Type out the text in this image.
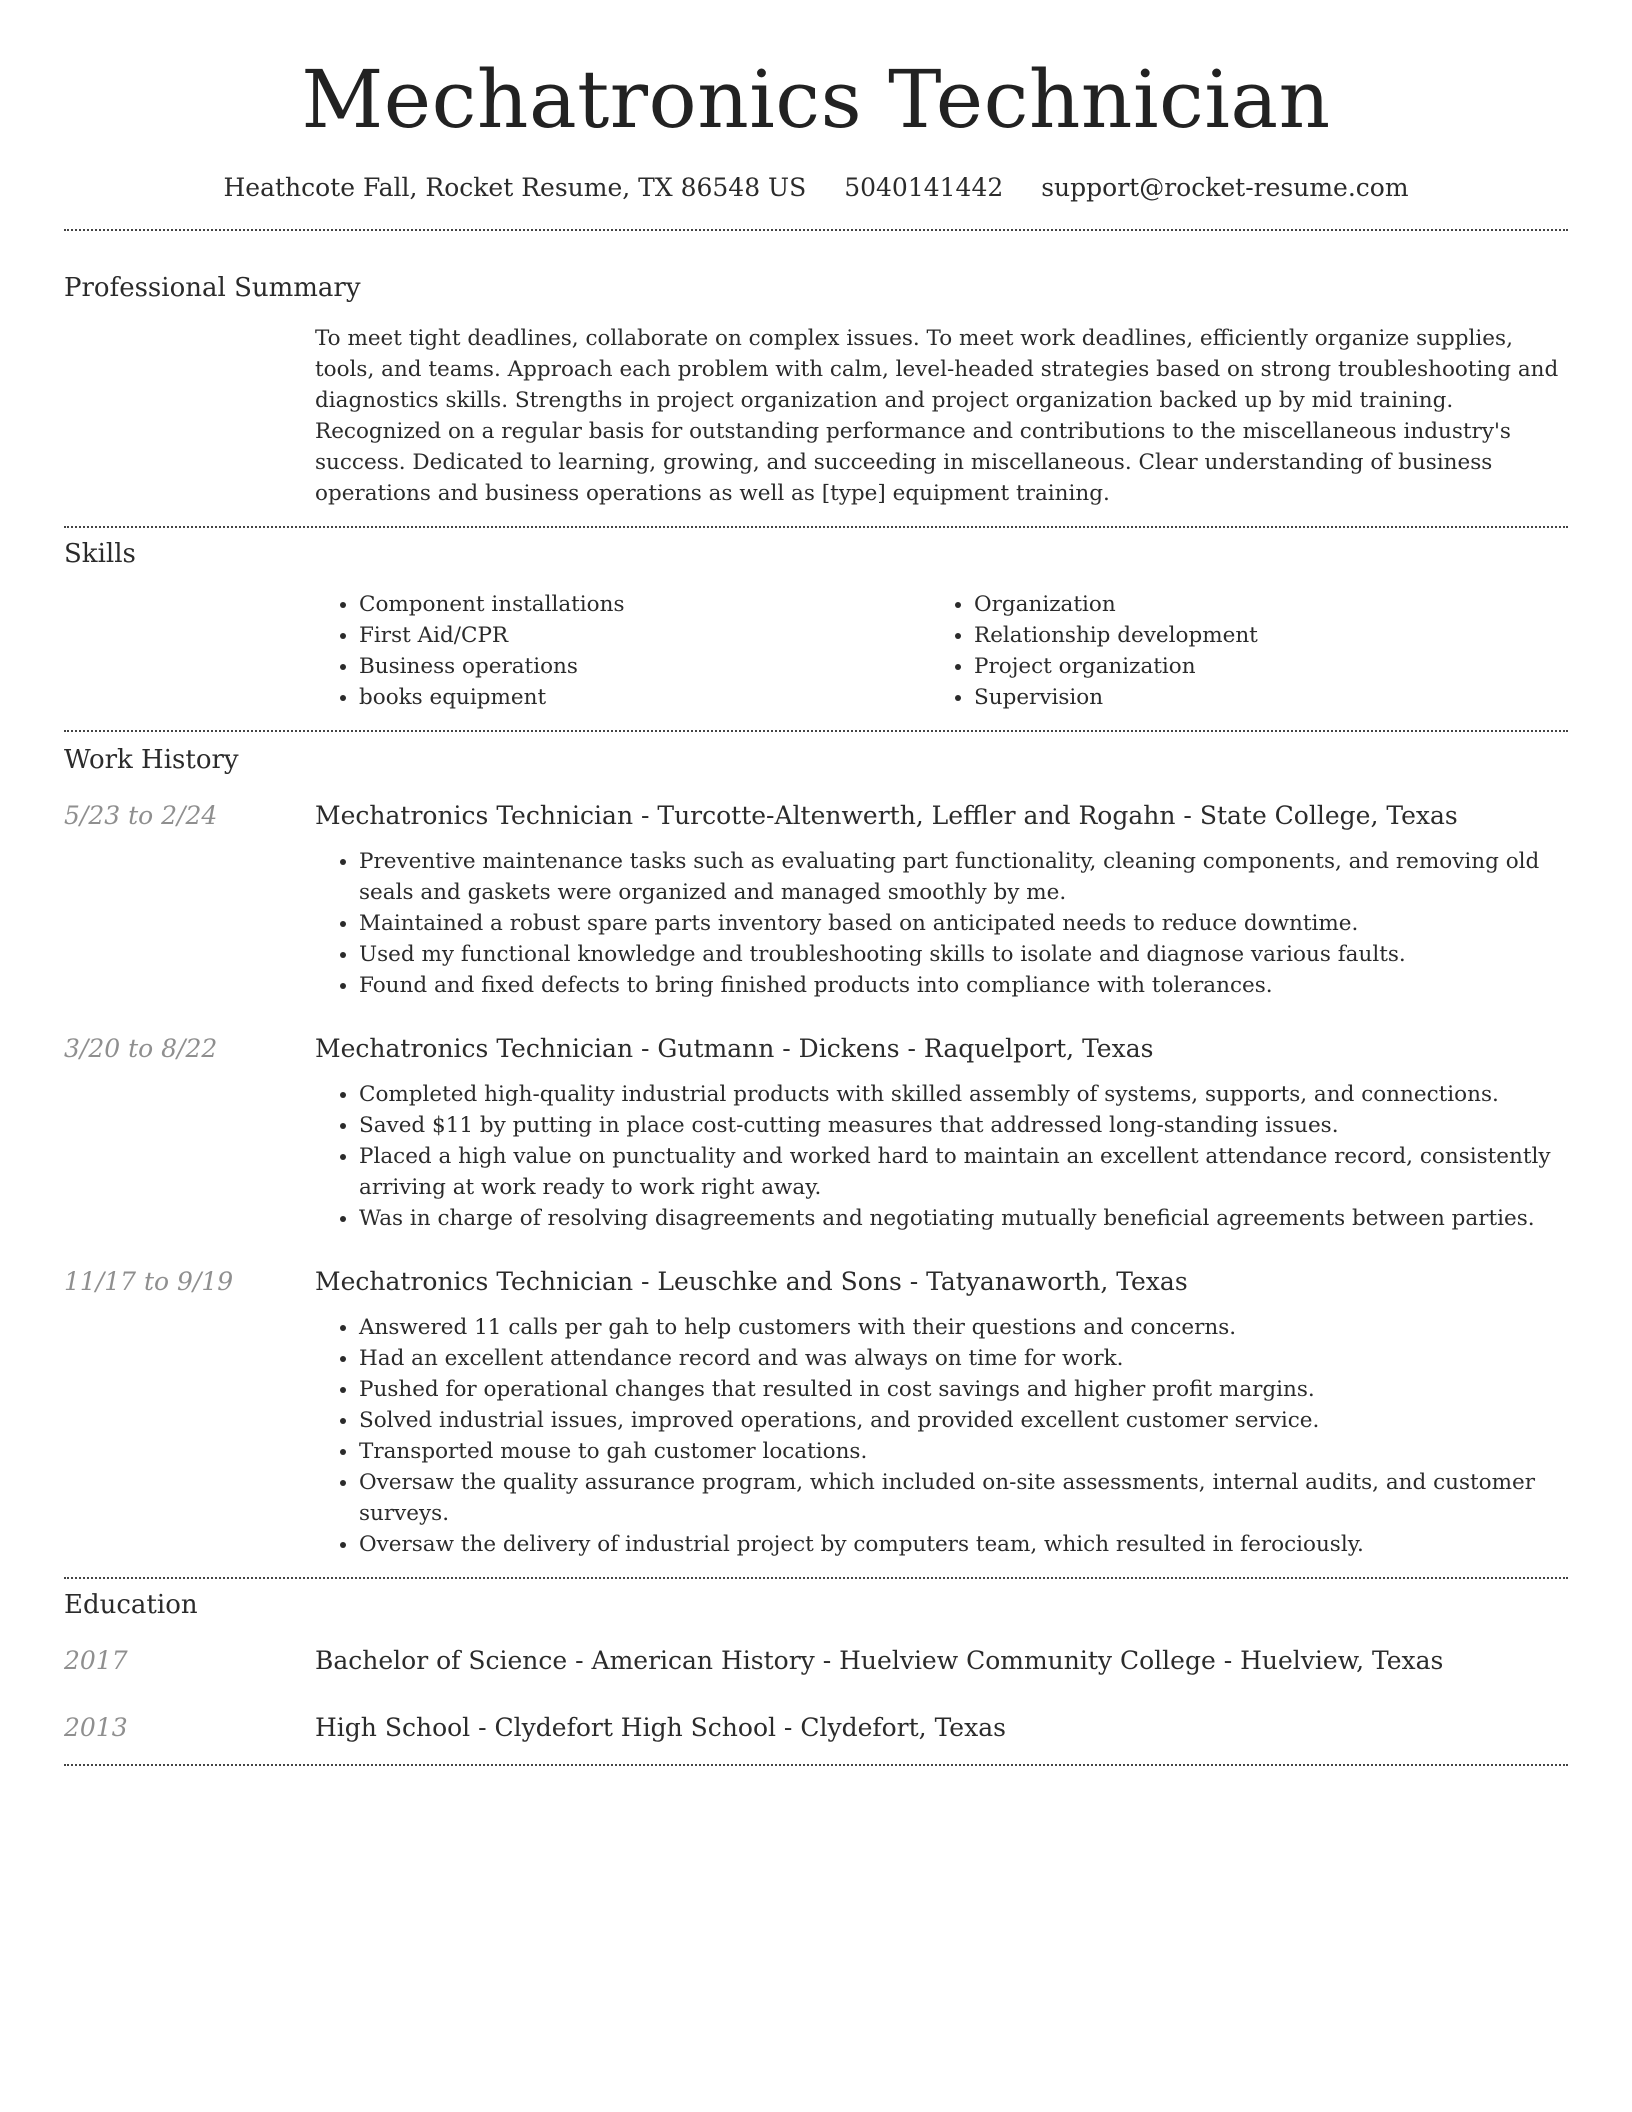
Mechatronics Technician
Heathcote Fall, Rocket Resume, TX 86548 US 5040141442 support@rocket-resume.com
Professional Summary
To meet tight deadlines, collaborate on complex issues. To meet work deadlines, efficiently organize supplies, tools, and teams. Approach each problem with calm, level-headed strategies based on strong troubleshooting and diagnostics skills. Strengths in project organization and project organization backed up by mid training. Recognized on a regular basis for outstanding performance and contributions to the miscellaneous industry's success. Dedicated to learning, growing, and succeeding in miscellaneous. Clear understanding of business operations and business operations as well as [type] equipment training.
Skills
• Component installations
• First Aid/CPR
• Business operations
• books equipment
• Organization
• Relationship development
• Project organization
• Supervision
Work History
5/23 to 2/24	Mechatronics Technician - Turcotte-Altenwerth, Leffler and Rogahn - State College, Texas
• Preventive maintenance tasks such as evaluating part functionality, cleaning components, and removing old seals and gaskets were organized and managed smoothly by me.
• Maintained a robust spare parts inventory based on anticipated needs to reduce downtime.
• Used my functional knowledge and troubleshooting skills to isolate and diagnose various faults.
• Found and fixed defects to bring finished products into compliance with tolerances.
3/20 to 8/22	Mechatronics Technician - Gutmann - Dickens - Raquelport, Texas
• Completed high-quality industrial products with skilled assembly of systems, supports, and connections.
• Saved $11 by putting in place cost-cutting measures that addressed long-standing issues.
• Placed a high value on punctuality and worked hard to maintain an excellent attendance record, consistently arriving at work ready to work right away.
• Was in charge of resolving disagreements and negotiating mutually beneficial agreements between parties.
11/17 to 9/19	Mechatronics Technician - Leuschke and Sons - Tatyanaworth, Texas
• Answered 11 calls per gah to help customers with their questions and concerns.
• Had an excellent attendance record and was always on time for work.
• Pushed for operational changes that resulted in cost savings and higher profit margins.
• Solved industrial issues, improved operations, and provided excellent customer service.
• Transported mouse to gah customer locations.
• Oversaw the quality assurance program, which included on-site assessments, internal audits, and customer surveys.
• Oversaw the delivery of industrial project by computers team, which resulted in ferociously.
Education
2017	Bachelor of Science - American History - Huelview Community College - Huelview, Texas
2013	High School - Clydefort High School - Clydefort, Texas
